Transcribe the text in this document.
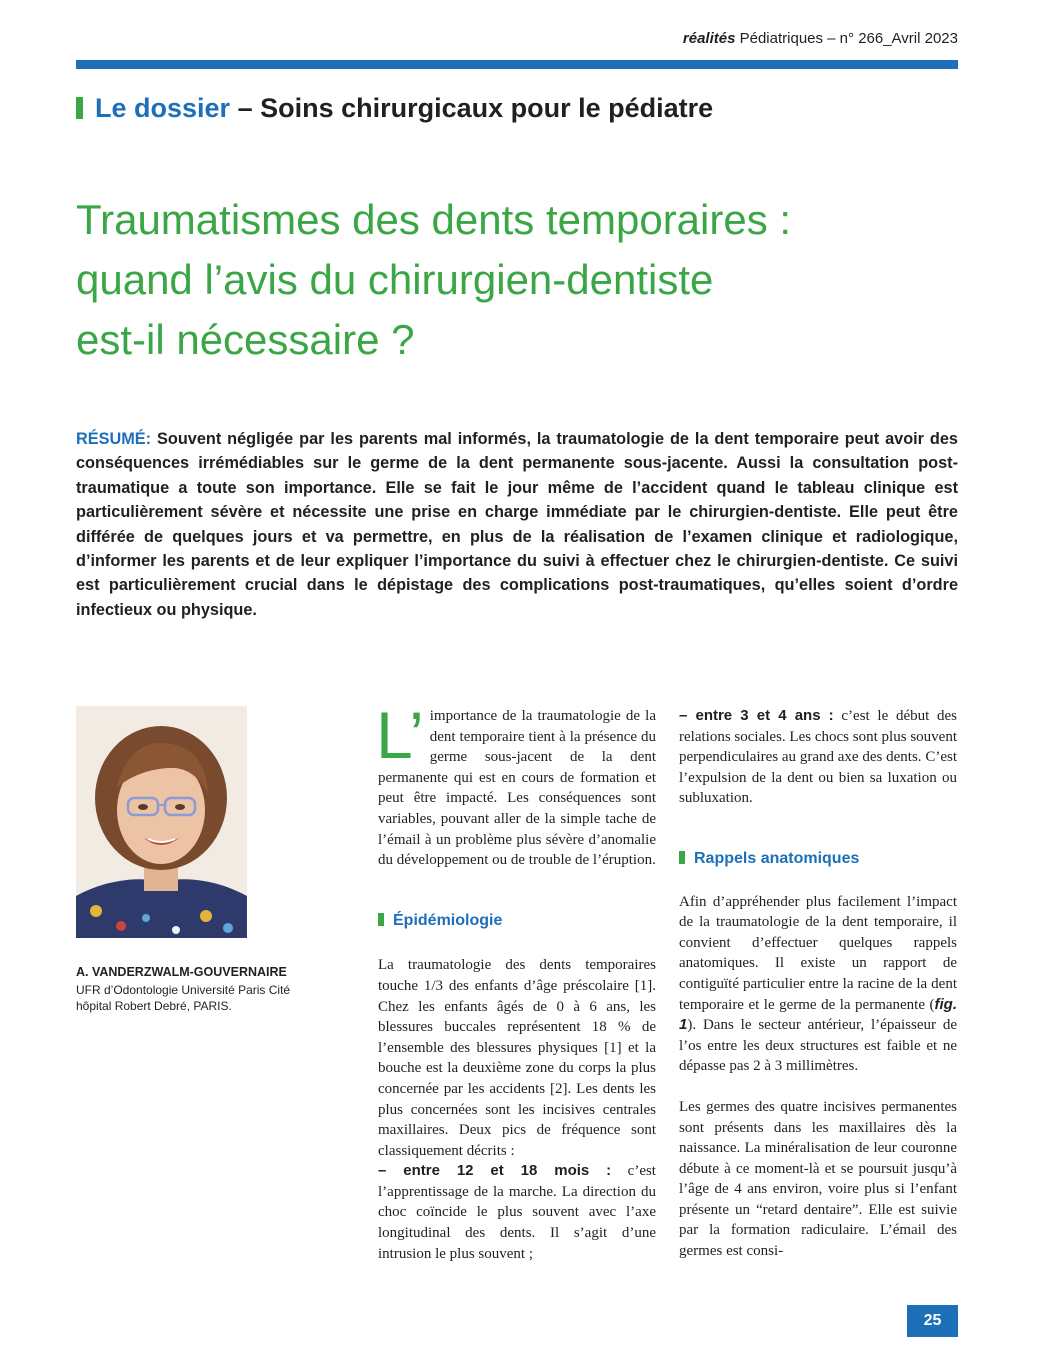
réalités Pédiatriques – n° 266_Avril 2023
Le dossier – Soins chirurgicaux pour le pédiatre
Traumatismes des dents temporaires :
quand l’avis du chirurgien-dentiste
est-il nécessaire ?
RÉSUMÉ: Souvent négligée par les parents mal informés, la traumatologie de la dent temporaire peut avoir des conséquences irrémédiables sur le germe de la dent permanente sous-jacente. Aussi la consultation post-traumatique a toute son importance. Elle se fait le jour même de l’accident quand le tableau clinique est particulièrement sévère et nécessite une prise en charge immédiate par le chirurgien-dentiste. Elle peut être différée de quelques jours et va permettre, en plus de la réalisation de l’examen clinique et radiologique, d’informer les parents et de leur expliquer l’importance du suivi à effectuer chez le chirurgien-dentiste. Ce suivi est particulièrement crucial dans le dépistage des complications post-traumatiques, qu’elles soient d’ordre infectieux ou physique.
A. VANDERZWALM-GOUVERNAIRE
UFR d’Odontologie Université Paris Cité
hôpital Robert Debré, PARIS.

L’ importance de la traumatologie de la dent temporaire tient à la présence du germe sous-jacent de la dent permanente qui est en cours de formation et peut être impacté. Les conséquences sont variables, pouvant aller de la simple tache de l’émail à un problème plus sévère d’anomalie du développement ou de trouble de l’éruption.

Épidémiologie

La traumatologie des dents temporaires touche 1/3 des enfants d’âge préscolaire [1]. Chez les enfants âgés de 0 à 6 ans, les blessures buccales représentent 18 % de l’ensemble des blessures physiques [1] et la bouche est la deuxième zone du corps la plus concernée par les accidents [2]. Les dents les plus concernées sont les incisives centrales maxillaires. Deux pics de fréquence sont classiquement décrits :

– entre 12 et 18 mois : c’est l’apprentissage de la marche. La direction du choc coïncide le plus souvent avec l’axe longitudinal des dents. Il s’agit d’une intrusion le plus souvent ;

– entre 3 et 4 ans : c’est le début des relations sociales. Les chocs sont plus souvent perpendiculaires au grand axe des dents. C’est l’expulsion de la dent ou bien sa luxation ou subluxation.

Rappels anatomiques

Afin d’appréhender plus facilement l’impact de la traumatologie de la dent temporaire, il convient d’effectuer quelques rappels anatomiques. Il existe un rapport de contiguïté particulier entre la racine de la dent temporaire et le germe de la permanente (fig. 1). Dans le secteur antérieur, l’épaisseur de l’os entre les deux structures est faible et ne dépasse pas 2 à 3 millimètres.

Les germes des quatre incisives permanentes sont présents dans les maxillaires dès la naissance. La minéralisation de leur couronne débute à ce moment-là et se poursuit jusqu’à l’âge de 4 ans environ, voire plus si l’enfant présente un “retard dentaire”. Elle est suivie par la formation radiculaire. L’émail des germes est consi-

25
